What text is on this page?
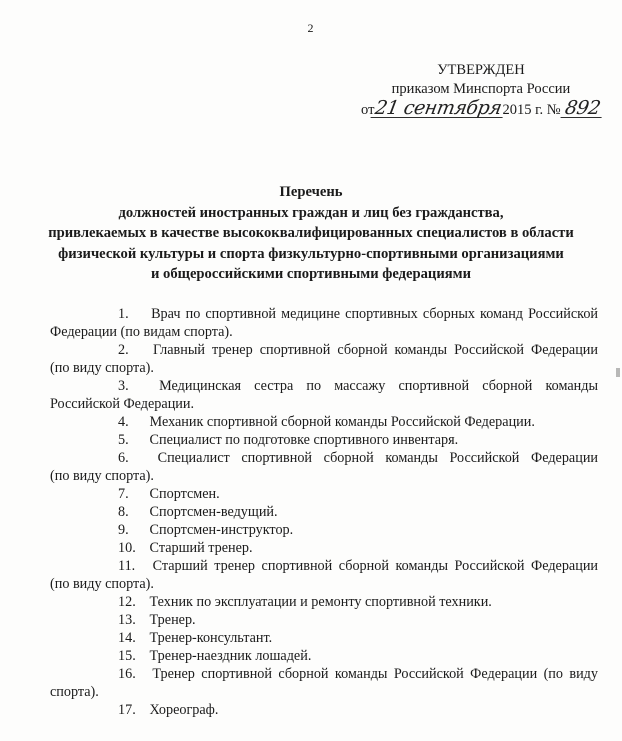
2
УТВЕРЖДЕН
приказом Минспорта России
от21 сентября2015 г. № 892
Перечень
должностей иностранных граждан и лиц без гражданства,
привлекаемых в качестве высококвалифицированных специалистов в области
физической культуры и спорта физкультурно-спортивными организациями
и общероссийскими спортивными федерациями
1. Врач по спортивной медицине спортивных сборных команд Российской
Федерации (по видам спорта).
2. Главный тренер спортивной сборной команды Российской Федерации
(по виду спорта).
3. Медицинская сестра по массажу спортивной сборной команды
Российской Федерации.
4. Механик спортивной сборной команды Российской Федерации.
5. Специалист по подготовке спортивного инвентаря.
6. Специалист спортивной сборной команды Российской Федерации
(по виду спорта).
7. Спортсмен.
8. Спортсмен-ведущий.
9. Спортсмен-инструктор.
10. Старший тренер.
11. Старший тренер спортивной сборной команды Российской Федерации
(по виду спорта).
12. Техник по эксплуатации и ремонту спортивной техники.
13. Тренер.
14. Тренер-консультант.
15. Тренер-наездник лошадей.
16. Тренер спортивной сборной команды Российской Федерации (по виду
спорта).
17. Хореограф.
